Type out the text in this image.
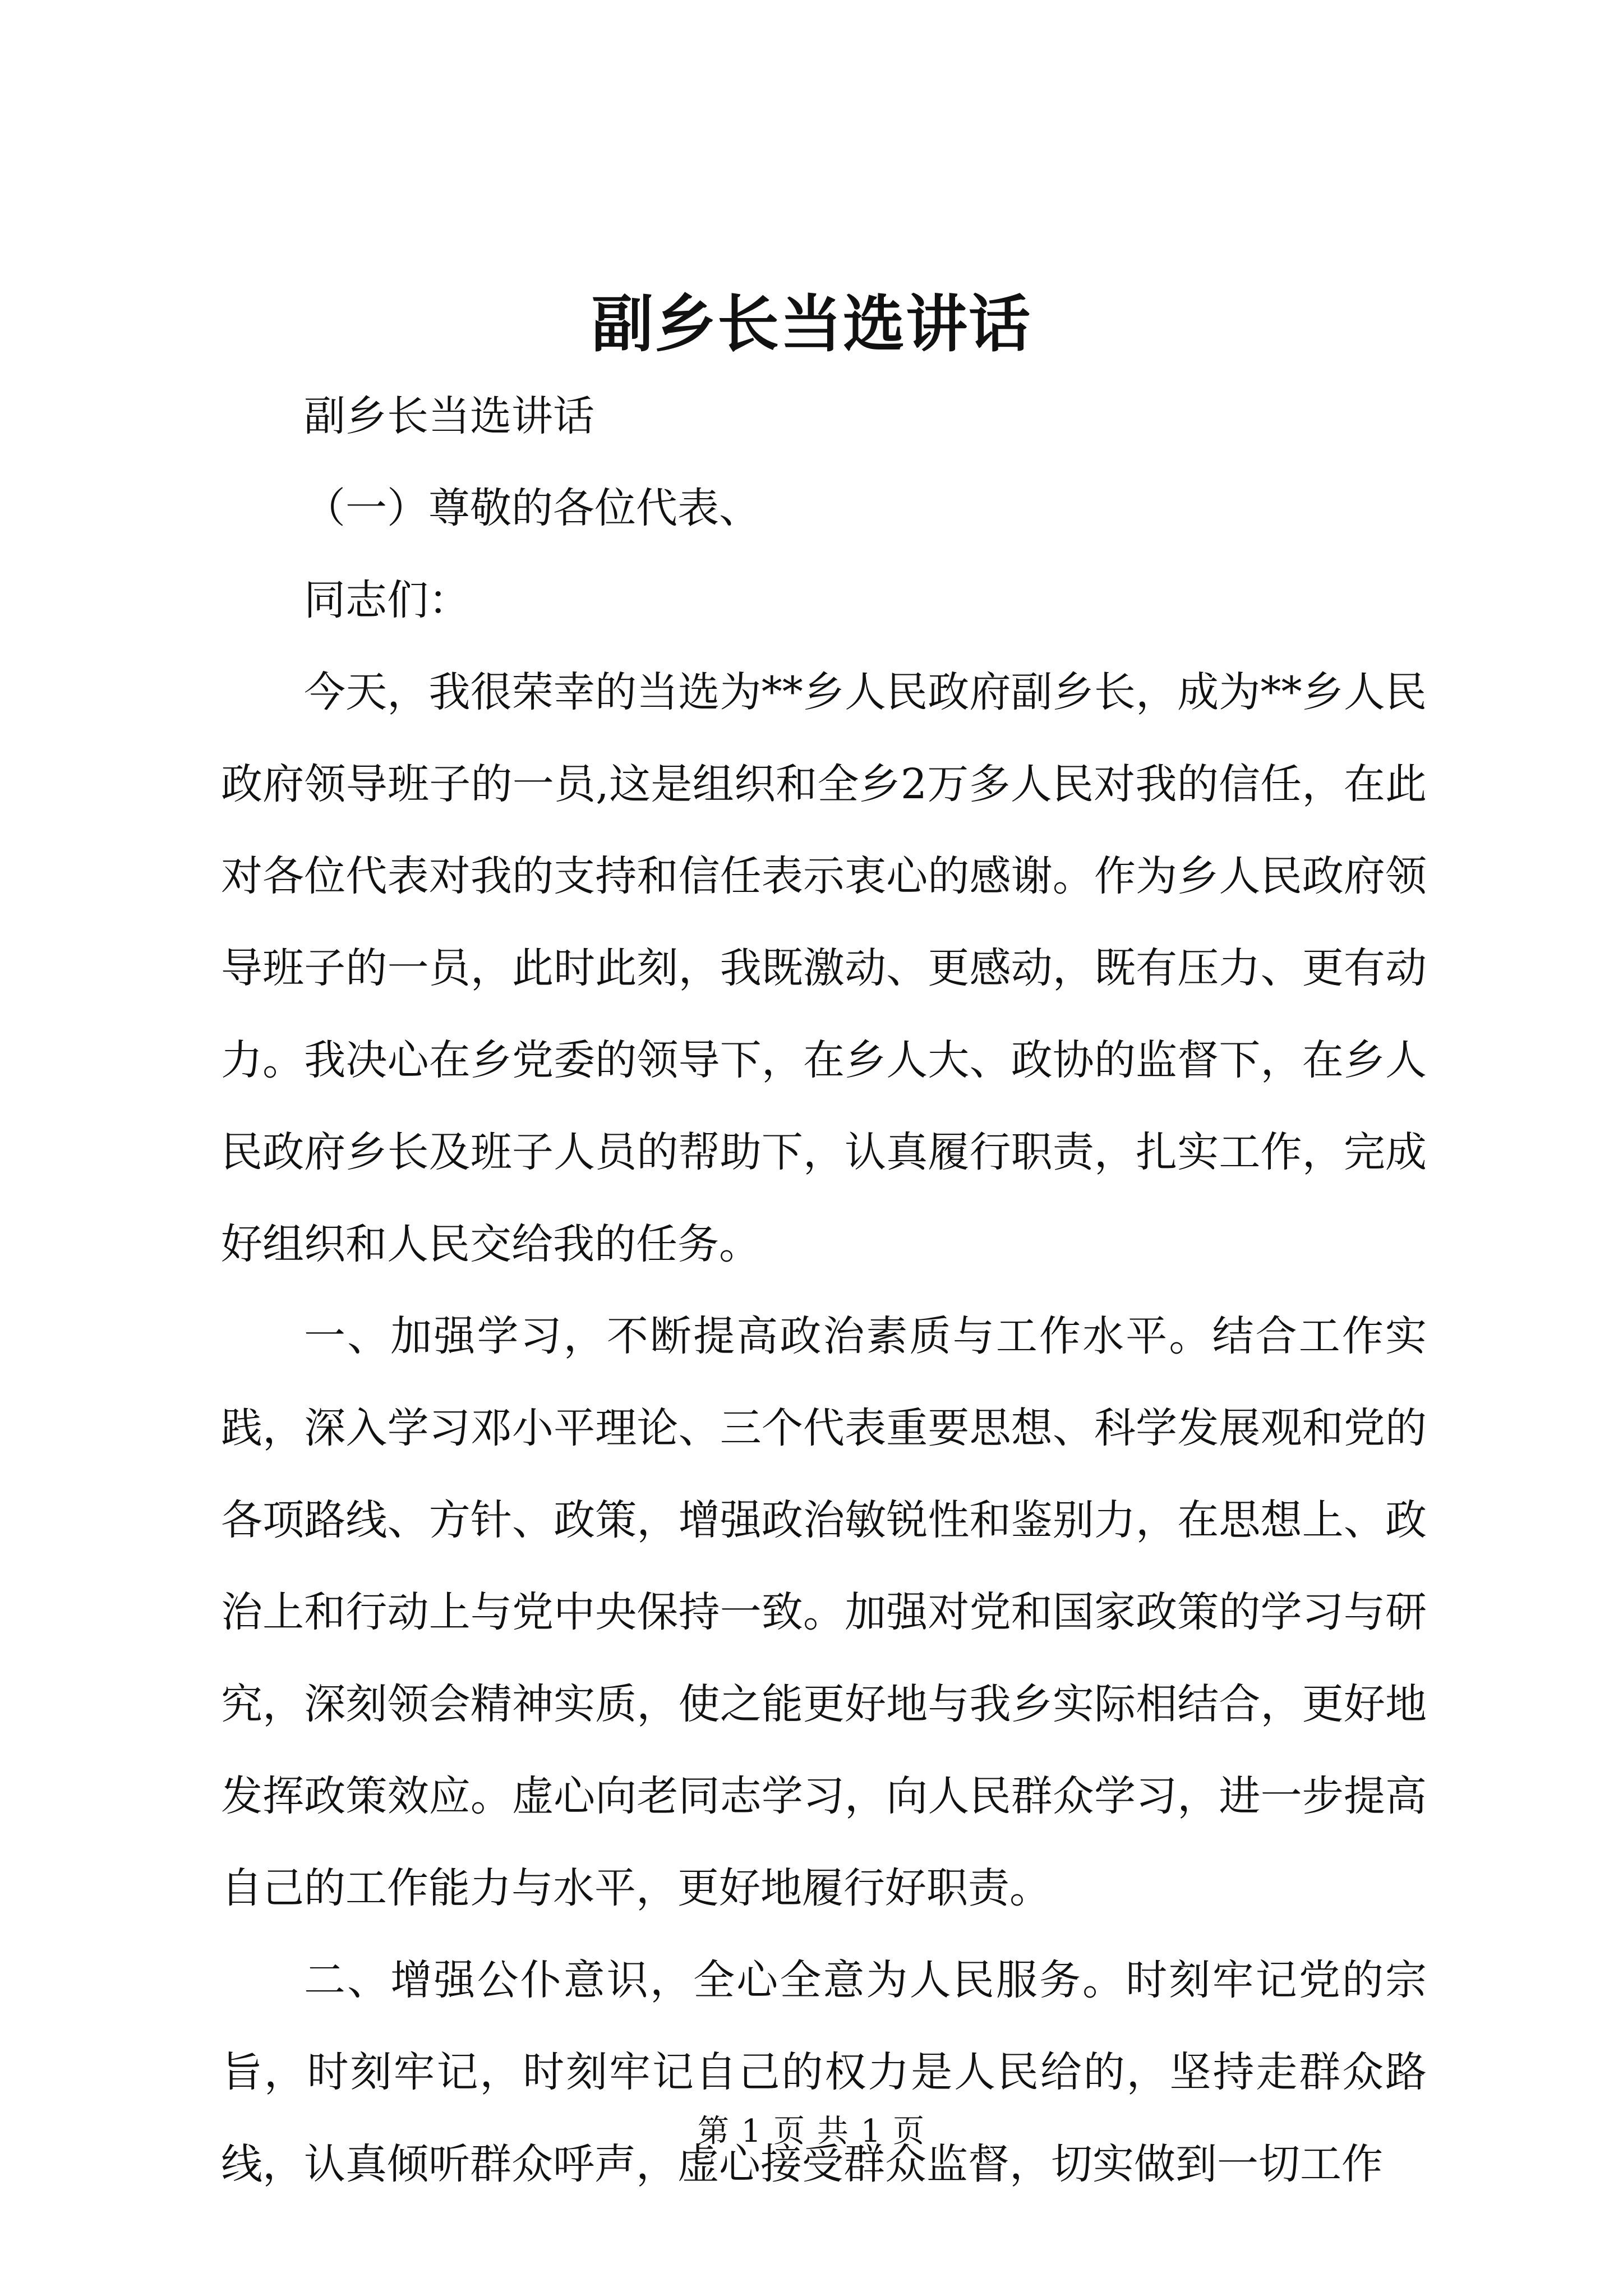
副乡长当选讲话

副乡长当选讲话

（一）尊敬的各位代表、

同志们：

今天，我很荣幸的当选为**乡人民政府副乡长，成为**乡人民政府领导班子的一员,这是组织和全乡2万多人民对我的信任，在此对各位代表对我的支持和信任表示衷心的感谢。作为乡人民政府领导班子的一员，此时此刻，我既激动、更感动，既有压力、更有动力。我决心在乡党委的领导下，在乡人大、政协的监督下，在乡人民政府乡长及班子人员的帮助下，认真履行职责，扎实工作，完成好组织和人民交给我的任务。

一、加强学习，不断提高政治素质与工作水平。结合工作实践，深入学习邓小平理论、三个代表重要思想、科学发展观和党的各项路线、方针、政策，增强政治敏锐性和鉴别力，在思想上、政治上和行动上与党中央保持一致。加强对党和国家政策的学习与研究，深刻领会精神实质，使之能更好地与我乡实际相结合，更好地发挥政策效应。虚心向老同志学习，向人民群众学习，进一步提高自己的工作能力与水平，更好地履行好职责。

二、增强公仆意识，全心全意为人民服务。时刻牢记党的宗旨，时刻牢记，时刻牢记自己的权力是人民给的，坚持走群众路线，认真倾听群众呼声，虚心接受群众监督，切实做到一切工作

第 1 页 共 1 页
